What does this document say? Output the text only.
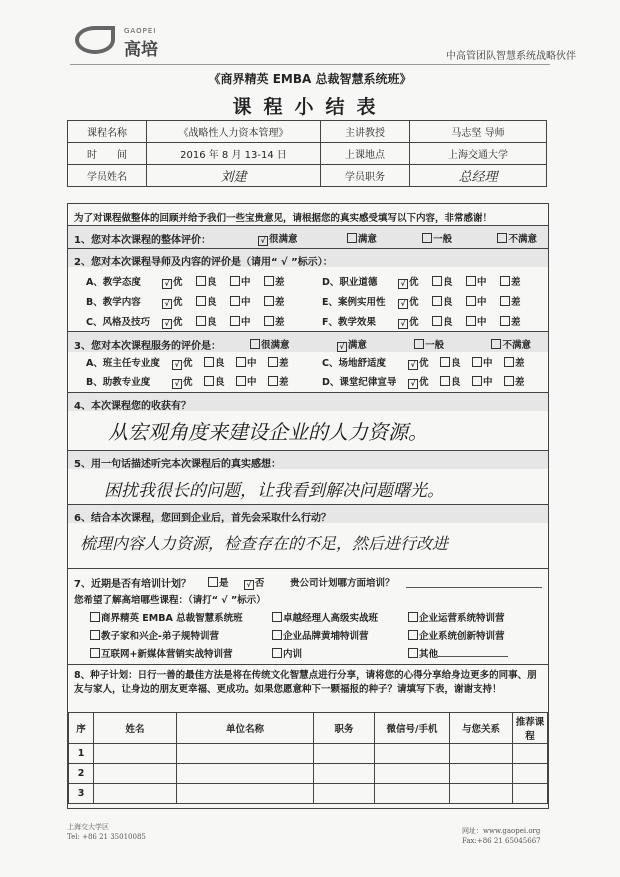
GAOPEI
高培	中高管团队智慧系统战略伙伴
《商界精英 EMBA 总裁智慧系统班》
课程小结表
课程名称	《战略性人力资本管理》	主讲教授	马志坚 导师
时　　间	2016 年 8 月 13-14 日	上课地点	上海交通大学
学员姓名	刘建	学员职务	总经理
为了对课程做整体的回顾并给予我们一些宝贵意见，请根据您的真实感受填写以下内容，非常感谢！
1、您对本次课程的整体评价：	√ 很满意	满意	一般	不满意
2、您对本次课程导师及内容的评价是（请用“ √ ”标示）：
A、教学态度	√ 优	良	中	差
B、教学内容	√ 优	良	中	差
C、风格及技巧 √ 优	良	中	差
D、职业道德	√ 优	良	中	差
E、案例实用性 √ 优	良	中	差
F、教学效果	√ 优	良	中	差
3、您对本次课程服务的评价是：	很满意	√ 满意	一般	不满意
A、班主任专业度 √ 优 良 中 差
B、助教专业度	√ 优 良 中 差
C、场地舒适度	√ 优 良 中 差
D、课堂纪律宣导 √ 优 良 中 差
4、本次课程您的收获有？
从宏观角度来建设企业的人力资源。
5、用一句话描述听完本次课程后的真实感想：
困扰我很长的问题，让我看到解决问题曙光。
6、结合本次课程，您回到企业后，首先会采取什么行动？
梳理内容人力资源，检查存在的不足，然后进行改进
7、近期是否有培训计划？	是	√ 否	贵公司计划哪方面培训？
您希望了解高培哪些课程：（请打“ √ ”标示）
商界精英 EMBA 总裁智慧系统班	卓越经理人高级实战班	企业运营系统特训营
教子家和兴企-弟子规特训营	企业品牌黄埔特训营	企业系统创新特训营
互联网+新媒体营销实战特训营	内训	其他
8、种子计划：日行一善的最佳方法是将在传统文化智慧点进行分享，请将您的心得分享给身边更多的同事、朋友与家人，让身边的朋友更幸福、更成功。如果您愿意种下一颗福报的种子？请填写下表，谢谢支持！
序	姓名	单位名称	职务	微信号/手机	与您关系	推荐课程
1						
2						
3						
上海交大学区
Tel: +86 21 35010085
网址：www.gaopei.org
Fax:+86 21 65045667
